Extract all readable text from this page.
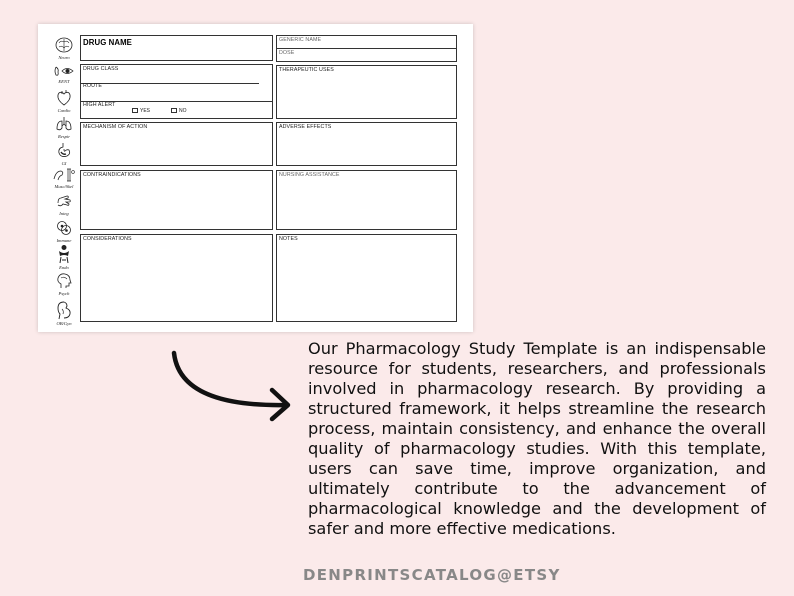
Neuro
EENT
Cardio
Respir
GI
Musc/Skel
Integ
Immune
Endo
Psych
OB/Gyn
DRUG NAME
DRUG CLASS
ROUTE
HIGH ALERT
YES	NO
MECHANISM OF ACTION
CONTRAINDICATIONS
CONSIDERATIONS
GENERIC NAME
DOSE
THERAPEUTIC USES
ADVERSE EFFECTS
NURSING ASSISTANCE
NOTES

Our Pharmacology Study Template is an indispensable resource for students, researchers, and professionals involved in pharmacology research. By providing a structured framework, it helps streamline the research process, maintain consistency, and enhance the overall quality of pharmacology studies. With this template, users can save time, improve organization, and ultimately contribute to the advancement of pharmacological knowledge and the development of safer and more effective medications.

DENPRINTSCATALOG@ETSY
